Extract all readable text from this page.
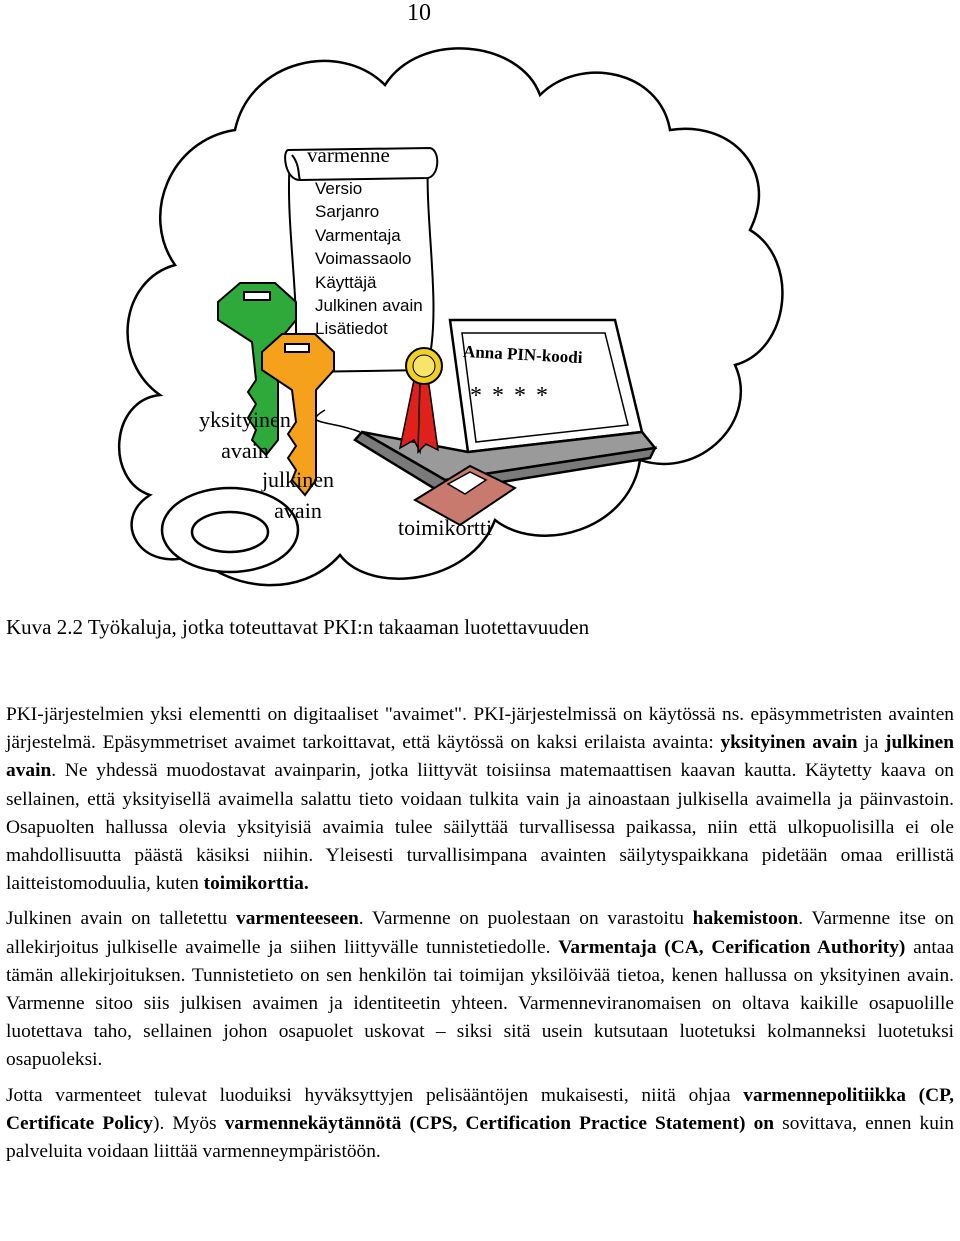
10
varmenne
Versio
Sarjanro
Varmentaja
Voimassaolo
Käyttäjä
Julkinen avain
Lisätiedot
Anna PIN-koodi
* * * *
yksityinen
avain
julkinen
avain
toimikortti
Kuva 2.2 Työkaluja, jotka toteuttavat PKI:n takaaman luotettavuuden

PKI-järjestelmien yksi elementti on digitaaliset "avaimet". PKI-järjestelmissä on käytössä ns. epäsymmetristen avainten järjestelmä. Epäsymmetriset avaimet tarkoittavat, että käytössä on kaksi erilaista avainta: yksityinen avain ja julkinen avain. Ne yhdessä muodostavat avainparin, jotka liittyvät toisiinsa matemaattisen kaavan kautta. Käytetty kaava on sellainen, että yksityisellä avaimella salattu tieto voidaan tulkita vain ja ainoastaan julkisella avaimella ja päinvastoin. Osapuolten hallussa olevia yksityisiä avaimia tulee säilyttää turvallisessa paikassa, niin että ulkopuolisilla ei ole mahdollisuutta päästä käsiksi niihin. Yleisesti turvallisimpana avainten säilytyspaikkana pidetään omaa erillistä laitteistomoduulia, kuten toimikorttia.

Julkinen avain on talletettu varmenteeseen. Varmenne on puolestaan on varastoitu hakemistoon. Varmenne itse on allekirjoitus julkiselle avaimelle ja siihen liittyvälle tunnistetiedolle. Varmentaja (CA, Cerification Authority) antaa tämän allekirjoituksen. Tunnistetieto on sen henkilön tai toimijan yksilöivää tietoa, kenen hallussa on yksityinen avain. Varmenne sitoo siis julkisen avaimen ja identiteetin yhteen. Varmenneviranomaisen on oltava kaikille osapuolille luotettava taho, sellainen johon osapuolet uskovat – siksi sitä usein kutsutaan luotetuksi kolmanneksi luotetuksi osapuoleksi.

Jotta varmenteet tulevat luoduiksi hyväksyttyjen pelisääntöjen mukaisesti, niitä ohjaa varmennepolitiikka (CP, Certificate Policy). Myös varmennekäytännötä (CPS, Certification Practice Statement) on sovittava, ennen kuin palveluita voidaan liittää varmenneympäristöön.
